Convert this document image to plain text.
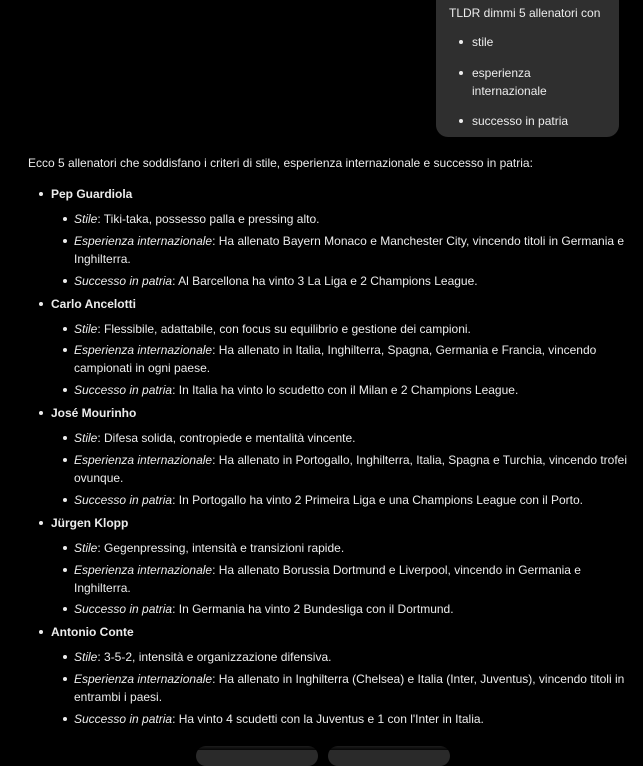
TLDR dimmi 5 allenatori con
stile
esperienza internazionale
successo in patria

Ecco 5 allenatori che soddisfano i criteri di stile, esperienza internazionale e successo in patria:

Pep Guardiola
Stile: Tiki-taka, possesso palla e pressing alto.
Esperienza internazionale: Ha allenato Bayern Monaco e Manchester City, vincendo titoli in Germania e Inghilterra.
Successo in patria: Al Barcellona ha vinto 3 La Liga e 2 Champions League.
Carlo Ancelotti
Stile: Flessibile, adattabile, con focus su equilibrio e gestione dei campioni.
Esperienza internazionale: Ha allenato in Italia, Inghilterra, Spagna, Germania e Francia, vincendo campionati in ogni paese.
Successo in patria: In Italia ha vinto lo scudetto con il Milan e 2 Champions League.
José Mourinho
Stile: Difesa solida, contropiede e mentalità vincente.
Esperienza internazionale: Ha allenato in Portogallo, Inghilterra, Italia, Spagna e Turchia, vincendo trofei ovunque.
Successo in patria: In Portogallo ha vinto 2 Primeira Liga e una Champions League con il Porto.
Jürgen Klopp
Stile: Gegenpressing, intensità e transizioni rapide.
Esperienza internazionale: Ha allenato Borussia Dortmund e Liverpool, vincendo in Germania e Inghilterra.
Successo in patria: In Germania ha vinto 2 Bundesliga con il Dortmund.
Antonio Conte
Stile: 3-5-2, intensità e organizzazione difensiva.
Esperienza internazionale: Ha allenato in Inghilterra (Chelsea) e Italia (Inter, Juventus), vincendo titoli in entrambi i paesi.
Successo in patria: Ha vinto 4 scudetti con la Juventus e 1 con l'Inter in Italia.
